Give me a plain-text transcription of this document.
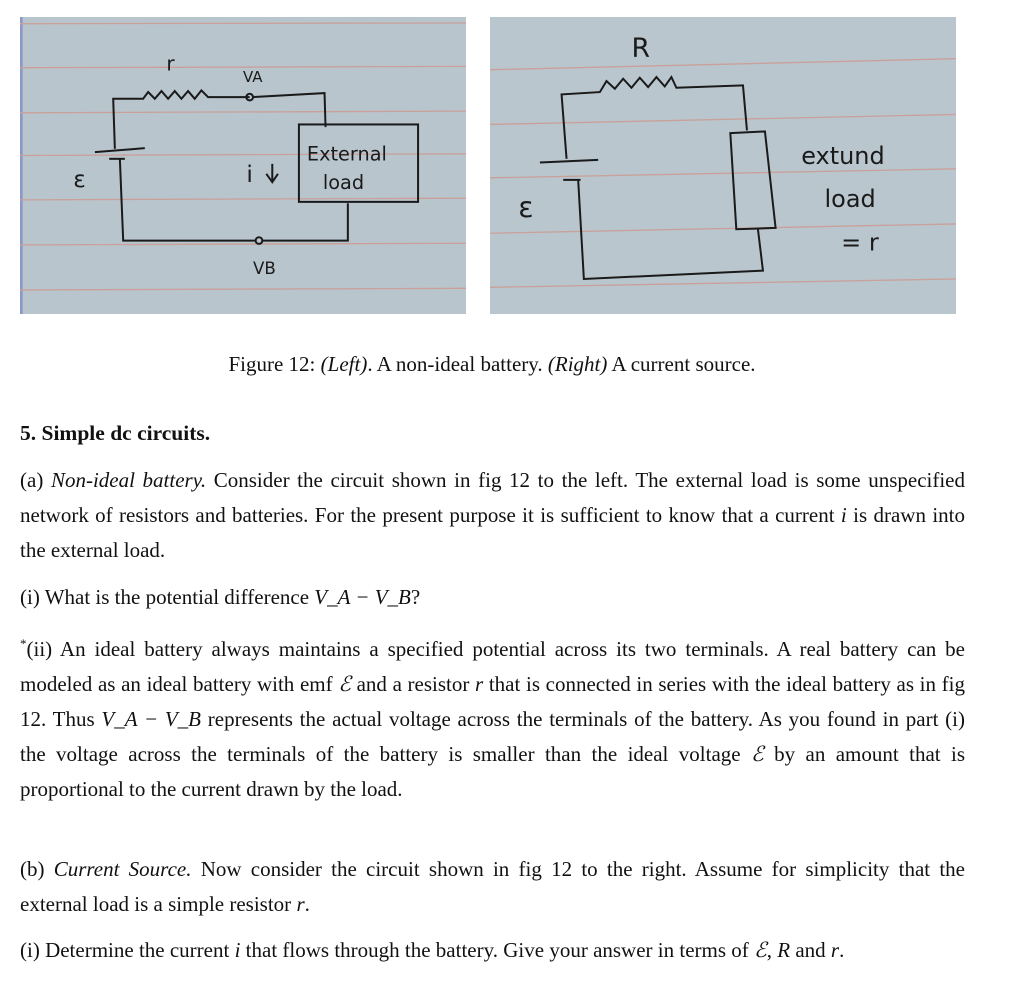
r
VA
VB
ε i
External
load
R
ε
extund
load
= r
Figure 12: (Left). A non-ideal battery. (Right) A current source.

5. Simple dc circuits.

(a) Non-ideal battery. Consider the circuit shown in fig 12 to the left. The external load is some unspecified network of resistors and batteries. For the present purpose it is sufficient to know that a current i is drawn into the external load.

(i) What is the potential difference V_A − V_B?

*(ii) An ideal battery always maintains a specified potential across its two terminals. A real battery can be modeled as an ideal battery with emf ℰ and a resistor r that is connected in series with the ideal battery as in fig 12. Thus V_A − V_B represents the actual voltage across the terminals of the battery. As you found in part (i) the voltage across the terminals of the battery is smaller than the ideal voltage ℰ by an amount that is proportional to the current drawn by the load.

(b) Current Source. Now consider the circuit shown in fig 12 to the right. Assume for simplicity that the external load is a simple resistor r.

(i) Determine the current i that flows through the battery. Give your answer in terms of ℰ, R and r.
